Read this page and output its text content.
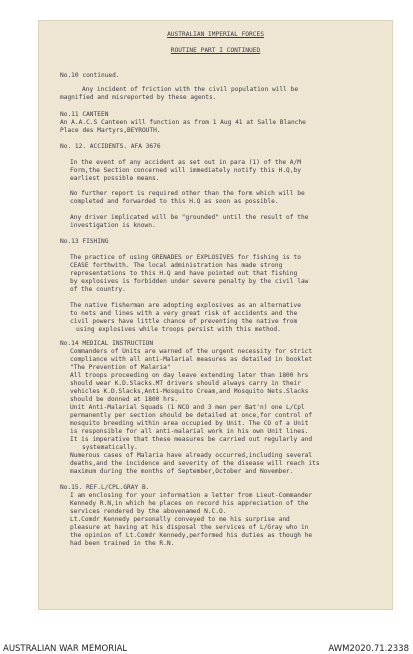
AUSTRALIAN IMPERIAL FORCES
ROUTINE PART I CONTINUED
No.10 continued.
Any incident of friction with the civil population will be
magnified and misreported by these agents.
No.11 CANTEEN
An A.A.C.S Canteen will function as from 1 Aug 41 at Salle Blanche
Place des Martyrs,BEYROUTH.
No. 12. ACCIDENTS. AFA 3676
In the event of any accident as set out in para (1) of the A/M
Form,the Section concerned will immediately notify this H.Q,by
earliest possible means.
No further report is required other than the form which will be
completed and forwarded to this H.Q as soon as possible.
Any driver implicated will be "grounded" until the result of the
investigation is known.
No.13 FISHING
The practice of using GRENADES or EXPLOSIVES for fishing is to
CEASE forthwith. The local administration has made strong
representations to this H.Q and have pointed out that fishing
by explosives is forbidden under severe penalty by the civil law
of the country.
The native fisherman are adopting explosives as an alternative
to nets and lines with a very great risk of accidents and the
civil powers have little chance of preventing the native from
using explosives while troops persist with this method.
No.14 MEDICAL INSTRUCTION
Commanders of Units are warned of the urgent necessity for strict
compliance with all anti-Malarial measures as detailed in booklet
"The Prevention of Malaria"
All troops proceeding on day leave extending later than 1800 hrs
should wear K.D.Slacks.MT drivers should always carry in their
vehicles K.D.Slacks,Anti-Mosquito Cream,and Mosquito Nets.Slacks
should be donned at 1800 hrs.
Unit Anti-Malarial Squads (1 NCO and 3 men per Bat'n) one L/Cpl
permanently per section should be detailed at once,for control of
mosquito breeding within area occupied by Unit. The CO of a Unit
is responsible for all anti-malarial work in his own Unit lines.
It is imperative that these measures be carried out regularly and
systematically.
Numerous cases of Malaria have already occurred,including several
deaths,and the incidence and severity of the disease will reach its
maximum during the months of September,October and November.
No.15. REF.L/CPL.GRAY B.
I am enclosing for your information a letter from Lieut-Commander
Kennedy R.N,in which he places on record his appreciation of the
services rendered by the abovenamed N.C.O.
Lt.Comdr Kennedy personally conveyed to me his surprise and
pleasure at having at his disposal the services of L/Gray who in
the opinion of Lt.Comdr Kennedy,performed his duties as though he
had been trained in the R.N.
AUSTRALIAN WAR MEMORIAL	AWM2020.71.2338
